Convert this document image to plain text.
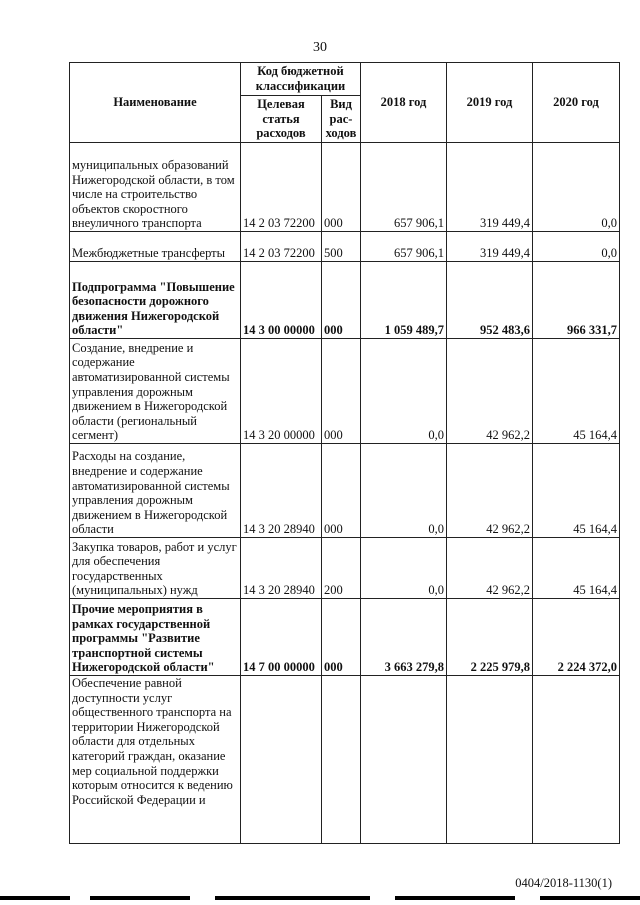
30
Наименование	Код бюджетной классификации		2018 год	2019 год	2020 год
	Целевая статья расходов	Вид рас-ходов			
муниципальных образований Нижегородской области, в том числе на строительство объектов скоростного внеуличного транспорта	14 2 03 72200	000	657 906,1	319 449,4	0,0
Межбюджетные трансферты	14 2 03 72200	500	657 906,1	319 449,4	0,0
Подпрограмма "Повышение безопасности дорожного движения Нижегородской области"	14 3 00 00000	000	1 059 489,7	952 483,6	966 331,7
Создание, внедрение и содержание автоматизированной системы управления дорожным движением в Нижегородской области (региональный сегмент)	14 3 20 00000	000	0,0	42 962,2	45 164,4
Расходы на создание, внедрение и содержание автоматизированной системы управления дорожным движением в Нижегородской области	14 3 20 28940	000	0,0	42 962,2	45 164,4
Закупка товаров, работ и услуг для обеспечения государственных (муниципальных) нужд	14 3 20 28940	200	0,0	42 962,2	45 164,4
Прочие мероприятия в рамках государственной программы "Развитие транспортной системы Нижегородской области"	14 7 00 00000	000	3 663 279,8	2 225 979,8	2 224 372,0
Обеспечение равной доступности услуг общественного транспорта на территории Нижегородской области для отдельных категорий граждан, оказание мер социальной поддержки которым относится к ведению Российской Федерации и					
0404/2018-1130(1)
